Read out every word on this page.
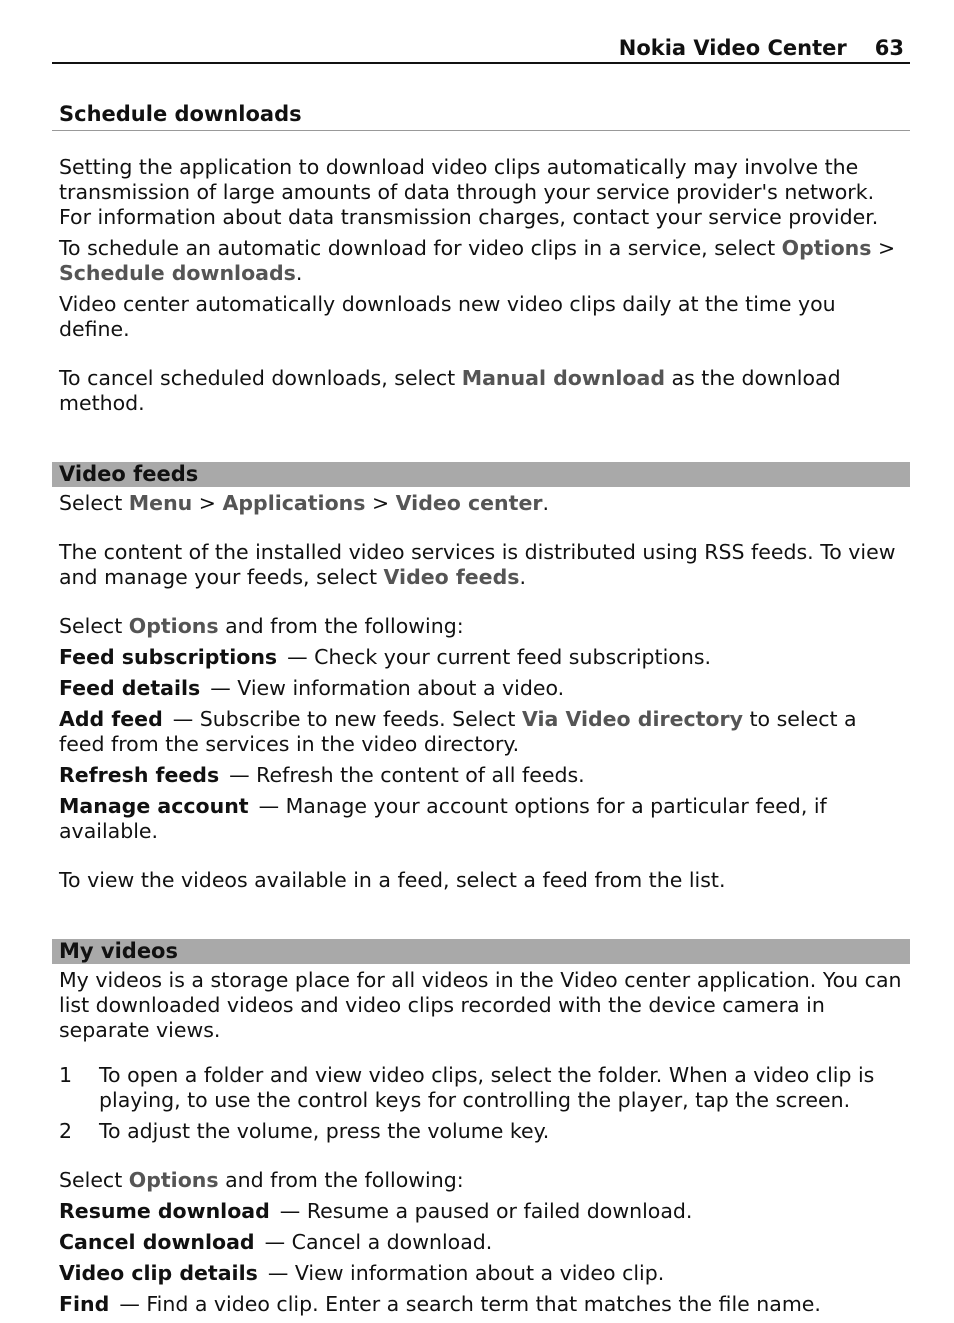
Nokia Video Center 63
Schedule downloads

Setting the application to download video clips automatically may involve the transmission of large amounts of data through your service provider's network. For information about data transmission charges, contact your service provider.

To schedule an automatic download for video clips in a service, select Options > Schedule downloads.

Video center automatically downloads new video clips daily at the time you define.

To cancel scheduled downloads, select Manual download as the download method.

Video feeds

Select Menu > Applications > Video center.

The content of the installed video services is distributed using RSS feeds. To view and manage your feeds, select Video feeds.

Select Options and from the following:

Feed subscriptions — Check your current feed subscriptions.

Feed details — View information about a video.

Add feed — Subscribe to new feeds. Select Via Video directory to select a feed from the services in the video directory.

Refresh feeds — Refresh the content of all feeds.

Manage account — Manage your account options for a particular feed, if available.

To view the videos available in a feed, select a feed from the list.

My videos

My videos is a storage place for all videos in the Video center application. You can list downloaded videos and video clips recorded with the device camera in separate views.

1	To open a folder and view video clips, select the folder. When a video clip is playing, to use the control keys for controlling the player, tap the screen.
2	To adjust the volume, press the volume key.

Select Options and from the following:

Resume download — Resume a paused or failed download.

Cancel download — Cancel a download.

Video clip details — View information about a video clip.

Find — Find a video clip. Enter a search term that matches the file name.
